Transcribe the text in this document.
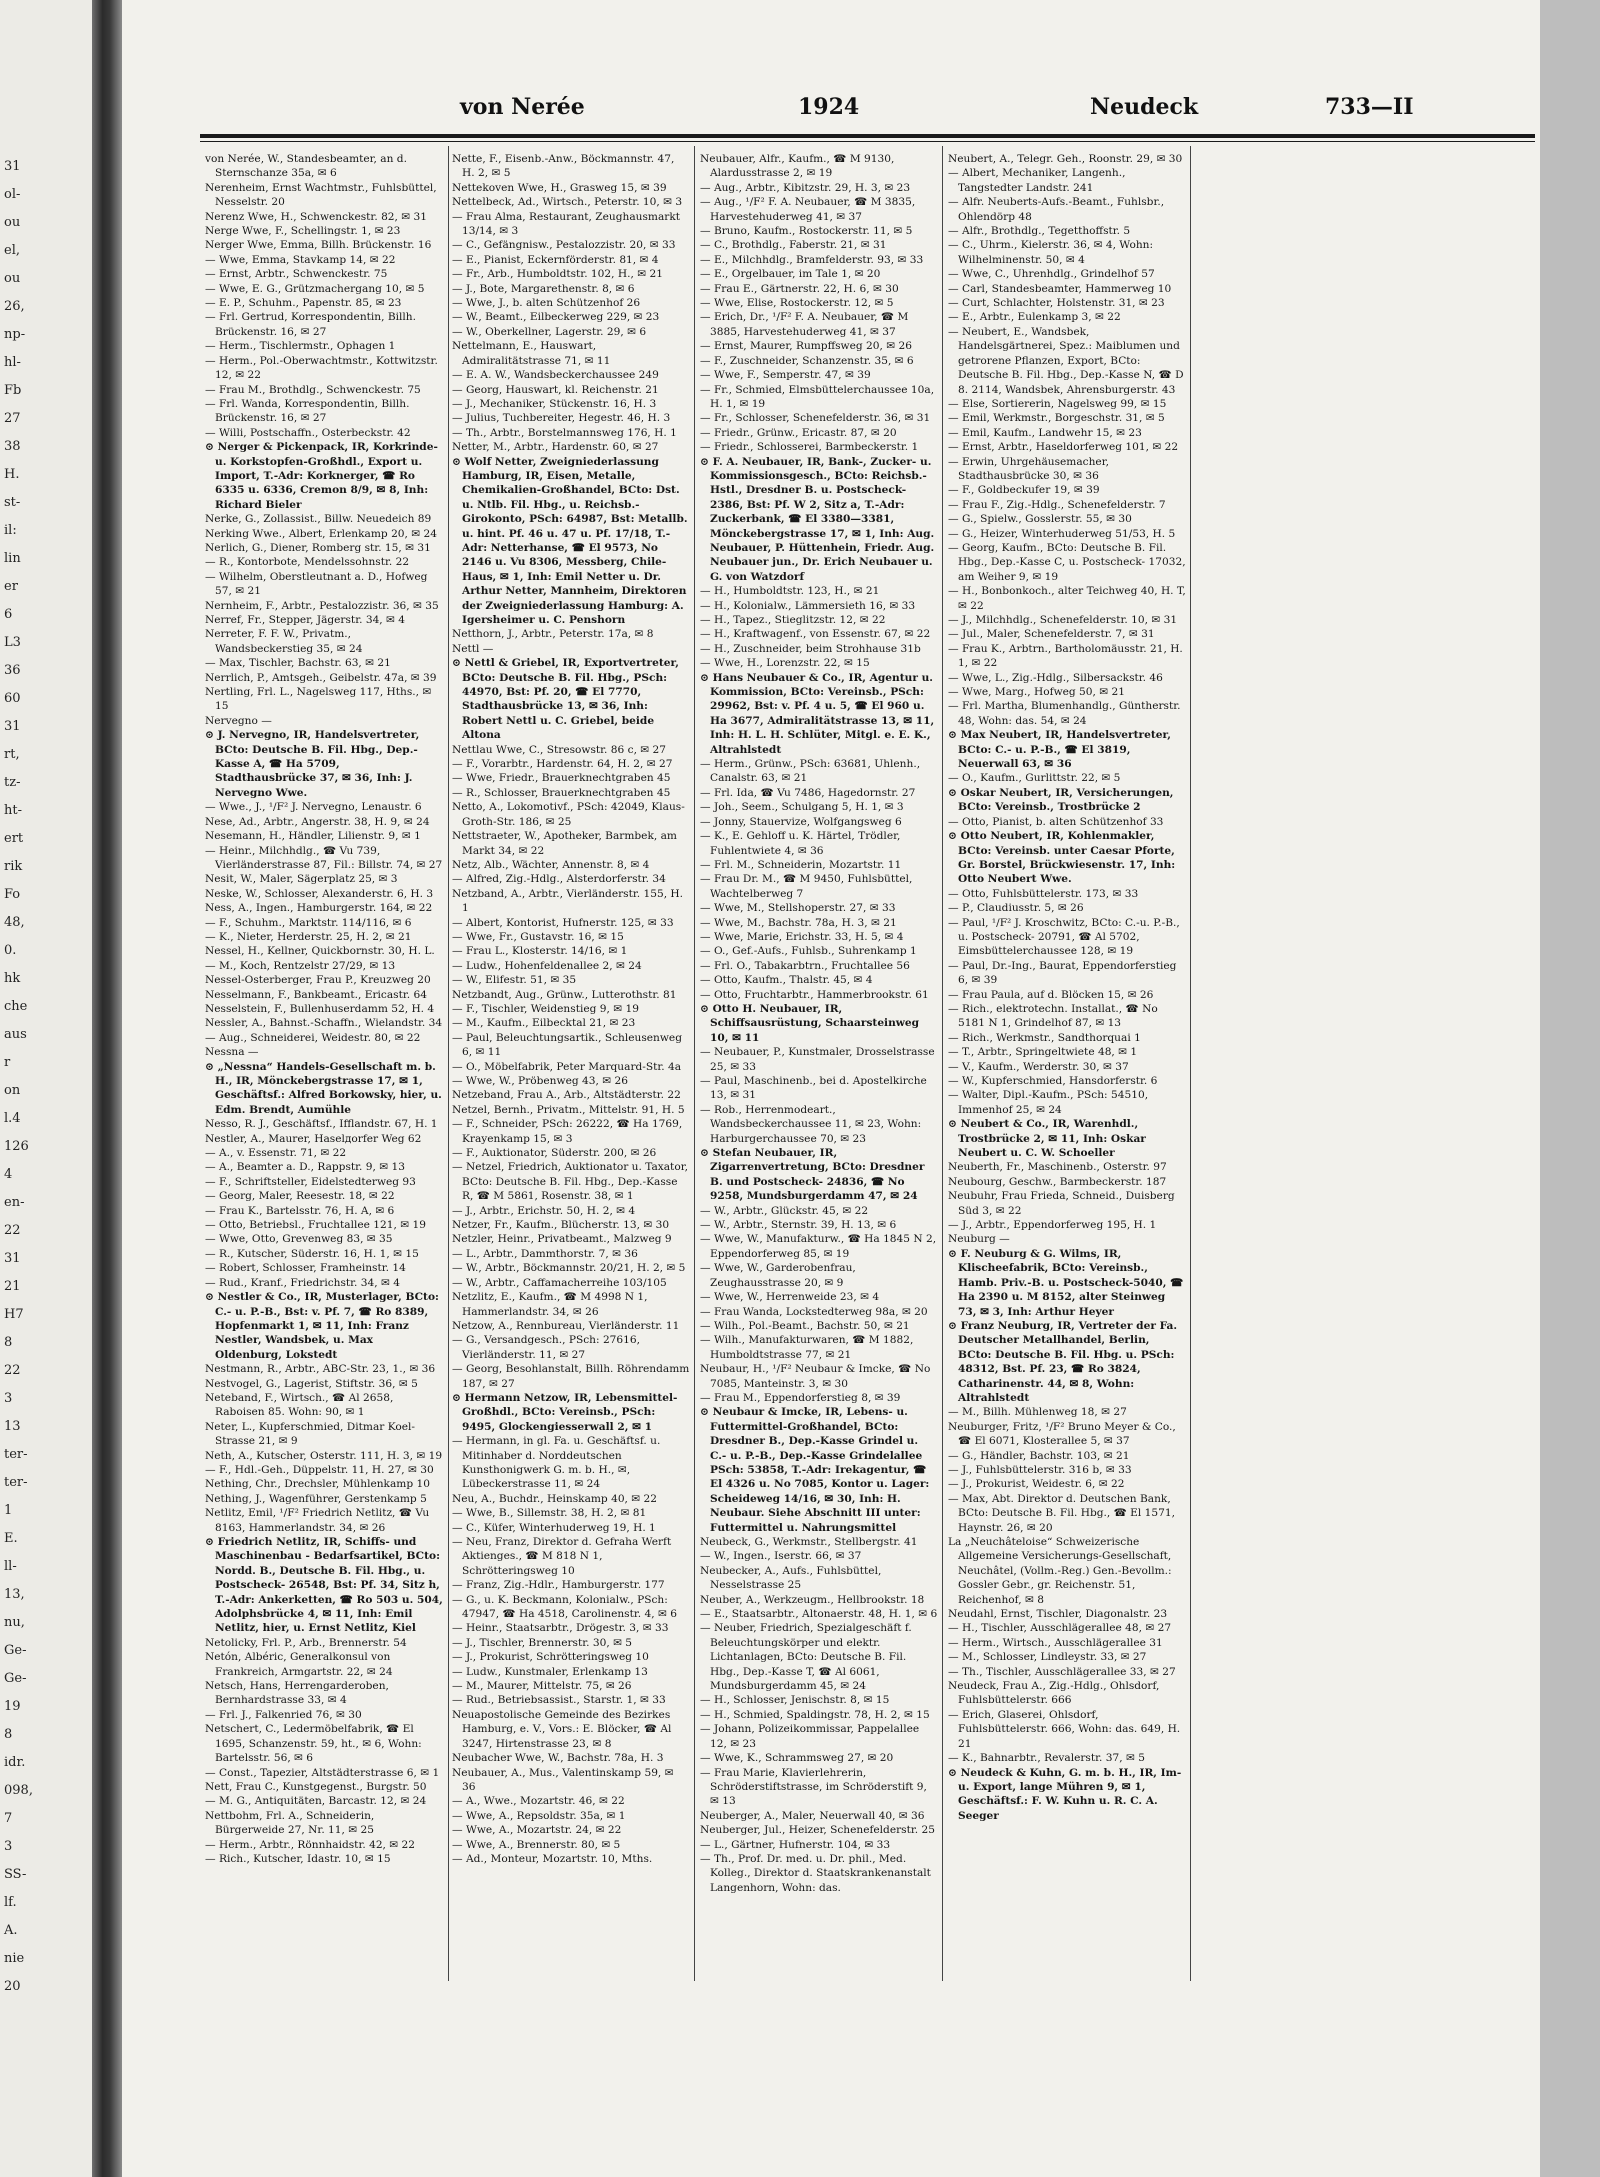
31
ol-
ou
el,
ou
26,
np-
hl-
Fb
27
38
H.
st-
il:
lin
er
6
L3
36
60
31
rt,
tz-
ht-
ert
rik
Fo
48,
0.
hk
che
aus
r
on
l.4
126
4
en-
22
31
21
H7
8
22
3
13
ter-
ter-
1
E.
ll-
13,
nu,
Ge-
Ge-
19
8
idr.
098,
7
3
SS-
lf.
A.
nie
20
von Nerée	1924	Neudeck	733—II

von Nerée, W., Standesbeamter, an d. Sternschanze 35a, ✉ 6

Nerenheim, Ernst Wachtmstr., Fuhlsbüttel, Nesselstr. 20

Nerenz Wwe, H., Schwenckestr. 82, ✉ 31

Nerge Wwe, F., Schellingstr. 1, ✉ 23

Nerger Wwe, Emma, Billh. Brückenstr. 16

— Wwe, Emma, Stavkamp 14, ✉ 22

— Ernst, Arbtr., Schwenckestr. 75

— Wwe, E. G., Grützmachergang 10, ✉ 5

— E. P., Schuhm., Papenstr. 85, ✉ 23

— Frl. Gertrud, Korrespondentin, Billh. Brückenstr. 16, ✉ 27

— Herm., Tischlermstr., Ophagen 1

— Herm., Pol.-Oberwachtmstr., Kottwitzstr. 12, ✉ 22

— Frau M., Brothdlg., Schwenckestr. 75

— Frl. Wanda, Korrespondentin, Billh. Brückenstr. 16, ✉ 27

— Willi, Postschaffn., Osterbeckstr. 42

⊙ Nerger & Pickenpack, IR, Korkrinde- u. Korkstopfen-Großhdl., Export u. Import, T.-Adr: Korknerger, ☎ Ro 6335 u. 6336, Cremon 8/9, ✉ 8, Inh: Richard Bieler

Nerke, G., Zollassist., Billw. Neuedeich 89

Nerking Wwe., Albert, Erlenkamp 20, ✉ 24

Nerlich, G., Diener, Romberg str. 15, ✉ 31

— R., Kontorbote, Mendelssohnstr. 22

— Wilhelm, Oberstleutnant a. D., Hofweg 57, ✉ 21

Nernheim, F., Arbtr., Pestalozzistr. 36, ✉ 35

Nerref, Fr., Stepper, Jägerstr. 34, ✉ 4

Nerreter, F. F. W., Privatm., Wandsbeckerstieg 35, ✉ 24

— Max, Tischler, Bachstr. 63, ✉ 21

Nerrlich, P., Amtsgeh., Geibelstr. 47a, ✉ 39

Nertling, Frl. L., Nagelsweg 117, Hths., ✉ 15

Nervegno —

⊙ J. Nervegno, IR, Handelsvertreter, BCto: Deutsche B. Fil. Hbg., Dep.-Kasse A, ☎ Ha 5709, Stadthausbrücke 37, ✉ 36, Inh: J. Nervegno Wwe.

— Wwe., J., ¹/F² J. Nervegno, Lenaustr. 6

Nese, Ad., Arbtr., Angerstr. 38, H. 9, ✉ 24

Nesemann, H., Händler, Lilienstr. 9, ✉ 1

— Heinr., Milchhdlg., ☎ Vu 739, Vierländerstrasse 87, Fil.: Billstr. 74, ✉ 27

Nesit, W., Maler, Sägerplatz 25, ✉ 3

Neske, W., Schlosser, Alexanderstr. 6, H. 3

Ness, A., Ingen., Hamburgerstr. 164, ✉ 22

— F., Schuhm., Marktstr. 114/116, ✉ 6

— K., Nieter, Herderstr. 25, H. 2, ✉ 21

Nessel, H., Kellner, Quickbornstr. 30, H. L.

— M., Koch, Rentzelstr 27/29, ✉ 13

Nessel-Osterberger, Frau P., Kreuzweg 20

Nesselmann, F., Bankbeamt., Ericastr. 64

Nesselstein, F., Bullenhuserdamm 52, H. 4

Nessler, A., Bahnst.-Schaffn., Wielandstr. 34

— Aug., Schneiderei, Weidestr. 80, ✉ 22

Nessna —

⊙ „Nessna“ Handels-Gesellschaft m. b. H., IR, Mönckebergstrasse 17, ✉ 1, Geschäftsf.: Alfred Borkowsky, hier, u. Edm. Brendt, Aumühle

Nesso, R. J., Geschäftsf., Ifflandstr. 67, H. 1

Nestler, A., Maurer, Haselдorfer Weg 62

— A., v. Essenstr. 71, ✉ 22

— A., Beamter a. D., Rappstr. 9, ✉ 13

— F., Schriftsteller, Eidelstedterweg 93

— Georg, Maler, Reesestr. 18, ✉ 22

— Frau K., Bartelsstr. 76, H. A, ✉ 6

— Otto, Betriebsl., Fruchtallee 121, ✉ 19

— Wwe, Otto, Grevenweg 83, ✉ 35

— R., Kutscher, Süderstr. 16, H. 1, ✉ 15

— Robert, Schlosser, Framheinstr. 14

— Rud., Kranf., Friedrichstr. 34, ✉ 4

⊙ Nestler & Co., IR, Musterlager, BCto: C.- u. P.-B., Bst: v. Pf. 7, ☎ Ro 8389, Hopfenmarkt 1, ✉ 11, Inh: Franz Nestler, Wandsbek, u. Max Oldenburg, Lokstedt

Nestmann, R., Arbtr., ABC-Str. 23, 1., ✉ 36

Nestvogel, G., Lagerist, Stiftstr. 36, ✉ 5

Neteband, F., Wirtsch., ☎ Al 2658, Raboisen 85. Wohn: 90, ✉ 1

Neter, L., Kupferschmied, Ditmar Koel-Strasse 21, ✉ 9

Neth, A., Kutscher, Osterstr. 111, H. 3, ✉ 19

— F., Hdl.-Geh., Düppelstr. 11, H. 27, ✉ 30

Nething, Chr., Drechsler, Mühlenkamp 10

Nething, J., Wagenführer, Gerstenkamp 5

Netlitz, Emil, ¹/F² Friedrich Netlitz, ☎ Vu 8163, Hammerlandstr. 34, ✉ 26

⊙ Friedrich Netlitz, IR, Schiffs- und Maschinenbau - Bedarfsartikel, BCto: Nordd. B., Deutsche B. Fil. Hbg., u. Postscheck- 26548, Bst: Pf. 34, Sitz h, T.-Adr: Ankerketten, ☎ Ro 503 u. 504, Adolphsbrücke 4, ✉ 11, Inh: Emil Netlitz, hier, u. Ernst Netlitz, Kiel

Netolicky, Frl. P., Arb., Brennerstr. 54

Netón, Albéric, Generalkonsul von Frankreich, Armgartstr. 22, ✉ 24

Netsch, Hans, Herrengarderoben, Bernhardstrasse 33, ✉ 4

— Frl. J., Falkenried 76, ✉ 30

Netschert, C., Ledermöbelfabrik, ☎ El 1695, Schanzenstr. 59, ht., ✉ 6, Wohn: Bartelsstr. 56, ✉ 6

— Const., Tapezier, Altstädterstrasse 6, ✉ 1

Nett, Frau C., Kunstgegenst., Burgstr. 50

— M. G., Antiquitäten, Barcastr. 12, ✉ 24

Nettbohm, Frl. A., Schneiderin, Bürgerweide 27, Nr. 11, ✉ 25

— Herm., Arbtr., Rönnhaidstr. 42, ✉ 22

— Rich., Kutscher, Idastr. 10, ✉ 15

Nette, F., Eisenb.-Anw., Böckmannstr. 47, H. 2, ✉ 5

Nettekoven Wwe, H., Grasweg 15, ✉ 39

Nettelbeck, Ad., Wirtsch., Peterstr. 10, ✉ 3

— Frau Alma, Restaurant, Zeughausmarkt 13/14, ✉ 3

— C., Gefängnisw., Pestalozzistr. 20, ✉ 33

— E., Pianist, Eckernförderstr. 81, ✉ 4

— Fr., Arb., Humboldtstr. 102, H., ✉ 21

— J., Bote, Margarethenstr. 8, ✉ 6

— Wwe, J., b. alten Schützenhof 26

— W., Beamt., Eilbeckerweg 229, ✉ 23

— W., Oberkellner, Lagerstr. 29, ✉ 6

Nettelmann, E., Hauswart, Admiralitätstrasse 71, ✉ 11

— E. A. W., Wandsbeckerchaussee 249

— Georg, Hauswart, kl. Reichenstr. 21

— J., Mechaniker, Stückenstr. 16, H. 3

— Julius, Tuchbereiter, Hegestr. 46, H. 3

— Th., Arbtr., Borstelmannsweg 176, H. 1

Netter, M., Arbtr., Hardenstr. 60, ✉ 27

⊙ Wolf Netter, Zweigniederlassung Hamburg, IR, Eisen, Metalle, Chemikalien-Großhandel, BCto: Dst. u. Ntlb. Fil. Hbg., u. Reichsb.-Girokonto, PSch: 64987, Bst: Metallb. u. hint. Pf. 46 u. 47 u. Pf. 17/18, T.-Adr: Netterhanse, ☎ El 9573, No 2146 u. Vu 8306, Messberg, Chile-Haus, ✉ 1, Inh: Emil Netter u. Dr. Arthur Netter, Mannheim, Direktoren der Zweigniederlassung Hamburg: A. Igersheimer u. C. Penshorn

Netthorn, J., Arbtr., Peterstr. 17a, ✉ 8

Nettl —

⊙ Nettl & Griebel, IR, Exportvertreter, BCto: Deutsche B. Fil. Hbg., PSch: 44970, Bst: Pf. 20, ☎ El 7770, Stadthausbrücke 13, ✉ 36, Inh: Robert Nettl u. C. Griebel, beide Altona

Nettlau Wwe, C., Stresowstr. 86 c, ✉ 27

— F., Vorarbtr., Hardenstr. 64, H. 2, ✉ 27

— Wwe, Friedr., Brauerknechtgraben 45

— R., Schlosser, Brauerknechtgraben 45

Netto, A., Lokomotivf., PSch: 42049, Klaus-Groth-Str. 186, ✉ 25

Nettstraeter, W., Apotheker, Barmbek, am Markt 34, ✉ 22

Netz, Alb., Wächter, Annenstr. 8, ✉ 4

— Alfred, Zig.-Hdlg., Alsterdorferstr. 34

Netzband, A., Arbtr., Vierländerstr. 155, H. 1

— Albert, Kontorist, Hufnerstr. 125, ✉ 33

— Wwe, Fr., Gustavstr. 16, ✉ 15

— Frau L., Klosterstr. 14/16, ✉ 1

— Ludw., Hohenfeldenallee 2, ✉ 24

— W., Elifestr. 51, ✉ 35

Netzbandt, Aug., Grünw., Lutterothstr. 81

— F., Tischler, Weidenstieg 9, ✉ 19

— M., Kaufm., Eilbecktal 21, ✉ 23

— Paul, Beleuchtungsartik., Schleusenweg 6, ✉ 11

— O., Möbelfabrik, Peter Marquard-Str. 4a

— Wwe, W., Pröbenweg 43, ✉ 26

Netzeband, Frau A., Arb., Altstädterstr. 22

Netzel, Bernh., Privatm., Mittelstr. 91, H. 5

— F., Schneider, PSch: 26222, ☎ Ha 1769, Krayenkamp 15, ✉ 3

— F., Auktionator, Süderstr. 200, ✉ 26

— Netzel, Friedrich, Auktionator u. Taxator, BCto: Deutsche B. Fil. Hbg., Dep.-Kasse R, ☎ M 5861, Rosenstr. 38, ✉ 1

— J., Arbtr., Erichstr. 50, H. 2, ✉ 4

Netzer, Fr., Kaufm., Blücherstr. 13, ✉ 30

Netzler, Heinr., Privatbeamt., Malzweg 9

— L., Arbtr., Dammthorstr. 7, ✉ 36

— W., Arbtr., Böckmannstr. 20/21, H. 2, ✉ 5

— W., Arbtr., Caffamacherreihe 103/105

Netzlitz, E., Kaufm., ☎ M 4998 N 1, Hammerlandstr. 34, ✉ 26

Netzow, A., Rennbureau, Vierländerstr. 11

— G., Versandgesch., PSch: 27616, Vierländerstr. 11, ✉ 27

— Georg, Besohlanstalt, Billh. Röhrendamm 187, ✉ 27

⊙ Hermann Netzow, IR, Lebensmittel-Großhdl., BCto: Vereinsb., PSch: 9495, Glockengiesserwall 2, ✉ 1

— Hermann, in gl. Fa. u. Geschäftsf. u. Mitinhaber d. Norddeutschen Kunsthonigwerk G. m. b. H., ✉, Lübeckerstrasse 11, ✉ 24

Neu, A., Buchdr., Heinskamp 40, ✉ 22

— Wwe, B., Sillemstr. 38, H. 2, ✉ 81

— C., Küfer, Winterhuderweg 19, H. 1

— Neu, Franz, Direktor d. Gefraha Werft Aktienges., ☎ M 818 N 1, Schrötteringsweg 10

— Franz, Zig.-Hdlr., Hamburgerstr. 177

— G., u. K. Beckmann, Kolonialw., PSch: 47947, ☎ Ha 4518, Carolinenstr. 4, ✉ 6

— Heinr., Staatsarbtr., Drögestr. 3, ✉ 33

— J., Tischler, Brennerstr. 30, ✉ 5

— J., Prokurist, Schrötteringsweg 10

— Ludw., Kunstmaler, Erlenkamp 13

— M., Maurer, Mittelstr. 75, ✉ 26

— Rud., Betriebsassist., Starstr. 1, ✉ 33

Neuapostolische Gemeinde des Bezirkes Hamburg, e. V., Vors.: E. Blöcker, ☎ Al 3247, Hirtenstrasse 23, ✉ 8

Neubacher Wwe, W., Bachstr. 78a, H. 3

Neubauer, A., Mus., Valentinskamp 59, ✉ 36

— A., Wwe., Mozartstr. 46, ✉ 22

— Wwe, A., Repsoldstr. 35a, ✉ 1

— Wwe, A., Mozartstr. 24, ✉ 22

— Wwe, A., Brennerstr. 80, ✉ 5

— Ad., Monteur, Mozartstr. 10, Mths.

Neubauer, Alfr., Kaufm., ☎ M 9130, Alardusstrasse 2, ✉ 19

— Aug., Arbtr., Kibitzstr. 29, H. 3, ✉ 23

— Aug., ¹/F² F. A. Neubauer, ☎ M 3835, Harvestehuderweg 41, ✉ 37

— Bruno, Kaufm., Rostockerstr. 11, ✉ 5

— C., Brothdlg., Faberstr. 21, ✉ 31

— E., Milchhdlg., Bramfelderstr. 93, ✉ 33

— E., Orgelbauer, im Tale 1, ✉ 20

— Frau E., Gärtnerstr. 22, H. 6, ✉ 30

— Wwe, Elise, Rostockerstr. 12, ✉ 5

— Erich, Dr., ¹/F² F. A. Neubauer, ☎ M 3885, Harvestehuderweg 41, ✉ 37

— Ernst, Maurer, Rumpffsweg 20, ✉ 26

— F., Zuschneider, Schanzenstr. 35, ✉ 6

— Wwe, F., Semperstr. 47, ✉ 39

— Fr., Schmied, Elmsbüttelerchaussee 10a, H. 1, ✉ 19

— Fr., Schlosser, Schenefelderstr. 36, ✉ 31

— Friedr., Grünw., Ericastr. 87, ✉ 20

— Friedr., Schlosserei, Barmbeckerstr. 1

⊙ F. A. Neubauer, IR, Bank-, Zucker- u. Kommissionsgesch., BCto: Reichsb.-Hstl., Dresdner B. u. Postscheck-2386, Bst: Pf. W 2, Sitz a, T.-Adr: Zuckerbank, ☎ El 3380—3381, Mönckebergstrasse 17, ✉ 1, Inh: Aug. Neubauer, P. Hüttenhein, Friedr. Aug. Neubauer jun., Dr. Erich Neubauer u. G. von Watzdorf

— H., Humboldtstr. 123, H., ✉ 21

— H., Kolonialw., Lämmersieth 16, ✉ 33

— H., Tapez., Stieglitzstr. 12, ✉ 22

— H., Kraftwagenf., von Essenstr. 67, ✉ 22

— H., Zuschneider, beim Strohhause 31b

— Wwe, H., Lorenzstr. 22, ✉ 15

⊙ Hans Neubauer & Co., IR, Agentur u. Kommission, BCto: Vereinsb., PSch: 29962, Bst: v. Pf. 4 u. 5, ☎ El 960 u. Ha 3677, Admiralitätstrasse 13, ✉ 11, Inh: H. L. H. Schlüter, Mitgl. e. E. K., Altrahlstedt

— Herm., Grünw., PSch: 63681, Uhlenh., Canalstr. 63, ✉ 21

— Frl. Ida, ☎ Vu 7486, Hagedornstr. 27

— Joh., Seem., Schulgang 5, H. 1, ✉ 3

— Jonny, Stauervize, Wolfgangsweg 6

— K., E. Gehloff u. K. Härtel, Trödler, Fuhlentwiete 4, ✉ 36

— Frl. M., Schneiderin, Mozartstr. 11

— Frau Dr. M., ☎ M 9450, Fuhlsbüttel, Wachtelberweg 7

— Wwe, M., Stellshoperstr. 27, ✉ 33

— Wwe, M., Bachstr. 78a, H. 3, ✉ 21

— Wwe, Marie, Erichstr. 33, H. 5, ✉ 4

— O., Gef.-Aufs., Fuhlsb., Suhrenkamp 1

— Frl. O., Tabakarbtrn., Fruchtallee 56

— Otto, Kaufm., Thalstr. 45, ✉ 4

— Otto, Fruchtarbtr., Hammerbrookstr. 61

⊙ Otto H. Neubauer, IR, Schiffsausrüstung, Schaarsteinweg 10, ✉ 11

— Neubauer, P., Kunstmaler, Drosselstrasse 25, ✉ 33

— Paul, Maschinenb., bei d. Apostelkirche 13, ✉ 31

— Rob., Herrenmodeart., Wandsbeckerchaussee 11, ✉ 23, Wohn: Harburgerchaussee 70, ✉ 23

⊙ Stefan Neubauer, IR, Zigarrenvertretung, BCto: Dresdner B. und Postscheck- 24836, ☎ No 9258, Mundsburgerdamm 47, ✉ 24

— W., Arbtr., Glückstr. 45, ✉ 22

— W., Arbtr., Sternstr. 39, H. 13, ✉ 6

— Wwe, W., Manufakturw., ☎ Ha 1845 N 2, Eppendorferweg 85, ✉ 19

— Wwe, W., Garderobenfrau, Zeughausstrasse 20, ✉ 9

— Wwe, W., Herrenweide 23, ✉ 4

— Frau Wanda, Lockstedterweg 98a, ✉ 20

— Wilh., Pol.-Beamt., Bachstr. 50, ✉ 21

— Wilh., Manufakturwaren, ☎ M 1882, Humboldtstrasse 77, ✉ 21

Neubaur, H., ¹/F² Neubaur & Imcke, ☎ No 7085, Manteinstr. 3, ✉ 30

— Frau M., Eppendorferstieg 8, ✉ 39

⊙ Neubaur & Imcke, IR, Lebens- u. Futtermittel-Großhandel, BCto: Dresdner B., Dep.-Kasse Grindel u. C.- u. P.-B., Dep.-Kasse Grindelallee PSch: 53858, T.-Adr: Irekagentur, ☎ El 4326 u. No 7085, Kontor u. Lager: Scheideweg 14/16, ✉ 30, Inh: H. Neubaur. Siehe Abschnitt III unter: Futtermittel u. Nahrungsmittel

Neubeck, G., Werkmstr., Stellbergstr. 41

— W., Ingen., Iserstr. 66, ✉ 37

Neubecker, A., Aufs., Fuhlsbüttel, Nesselstrasse 25

Neuber, A., Werkzeugm., Hellbrookstr. 18

— E., Staatsarbtr., Altonaerstr. 48, H. 1, ✉ 6

— Neuber, Friedrich, Spezialgeschäft f. Beleuchtungskörper und elektr. Lichtanlagen, BCto: Deutsche B. Fil. Hbg., Dep.-Kasse T, ☎ Al 6061, Mundsburgerdamm 45, ✉ 24

— H., Schlosser, Jenischstr. 8, ✉ 15

— H., Schmied, Spaldingstr. 78, H. 2, ✉ 15

— Johann, Polizeikommissar, Pappelallee 12, ✉ 23

— Wwe, K., Schrammsweg 27, ✉ 20

— Frau Marie, Klavierlehrerin, Schröderstiftstrasse, im Schröderstift 9, ✉ 13

Neuberger, A., Maler, Neuerwall 40, ✉ 36

Neuberger, Jul., Heizer, Schenefelderstr. 25

— L., Gärtner, Hufnerstr. 104, ✉ 33

— Th., Prof. Dr. med. u. Dr. phil., Med. Kolleg., Direktor d. Staatskrankenanstalt Langenhorn, Wohn: das.

Neubert, A., Telegr. Geh., Roonstr. 29, ✉ 30

— Albert, Mechaniker, Langenh., Tangstedter Landstr. 241

— Alfr. Neuberts-Aufs.-Beamt., Fuhlsbr., Ohlendörp 48

— Alfr., Brothdlg., Tegetthoffstr. 5

— C., Uhrm., Kielerstr. 36, ✉ 4, Wohn: Wilhelminenstr. 50, ✉ 4

— Wwe, C., Uhrenhdlg., Grindelhof 57

— Carl, Standesbeamter, Hammerweg 10

— Curt, Schlachter, Holstenstr. 31, ✉ 23

— E., Arbtr., Eulenkamp 3, ✉ 22

— Neubert, E., Wandsbek, Handelsgärtnerei, Spez.: Maiblumen und getrorene Pflanzen, Export, BCto: Deutsche B. Fil. Hbg., Dep.-Kasse N, ☎ D 8. 2114, Wandsbek, Ahrensburgerstr. 43

— Else, Sortiererin, Nagelsweg 99, ✉ 15

— Emil, Werkmstr., Borgeschstr. 31, ✉ 5

— Emil, Kaufm., Landwehr 15, ✉ 23

— Ernst, Arbtr., Haseldorferweg 101, ✉ 22

— Erwin, Uhrgehäusemacher, Stadthausbrücke 30, ✉ 36

— F., Goldbeckufer 19, ✉ 39

— Frau F., Zig.-Hdlg., Schenefelderstr. 7

— G., Spielw., Gosslerstr. 55, ✉ 30

— G., Heizer, Winterhuderweg 51/53, H. 5

— Georg, Kaufm., BCto: Deutsche B. Fil. Hbg., Dep.-Kasse C, u. Postscheck- 17032, am Weiher 9, ✉ 19

— H., Bonbonkoch., alter Teichweg 40, H. T, ✉ 22

— J., Milchhdlg., Schenefelderstr. 10, ✉ 31

— Jul., Maler, Schenefelderstr. 7, ✉ 31

— Frau K., Arbtrn., Bartholomäusstr. 21, H. 1, ✉ 22

— Wwe, L., Zig.-Hdlg., Silbersackstr. 46

— Wwe, Marg., Hofweg 50, ✉ 21

— Frl. Martha, Blumenhandlg., Güntherstr. 48, Wohn: das. 54, ✉ 24

⊙ Max Neubert, IR, Handelsvertreter, BCto: C.- u. P.-B., ☎ El 3819, Neuerwall 63, ✉ 36

— O., Kaufm., Gurlittstr. 22, ✉ 5

⊙ Oskar Neubert, IR, Versicherungen, BCto: Vereinsb., Trostbrücke 2

— Otto, Pianist, b. alten Schützenhof 33

⊙ Otto Neubert, IR, Kohlenmakler, BCto: Vereinsb. unter Caesar Pforte, Gr. Borstel, Brückwiesenstr. 17, Inh: Otto Neubert Wwe.

— Otto, Fuhlsbüttelerstr. 173, ✉ 33

— P., Claudiusstr. 5, ✉ 26

— Paul, ¹/F² J. Kroschwitz, BCto: C.-u. P.-B., u. Postscheck- 20791, ☎ Al 5702, Eimsbüttelerchaussee 128, ✉ 19

— Paul, Dr.-Ing., Baurat, Eppendorferstieg 6, ✉ 39

— Frau Paula, auf d. Blöcken 15, ✉ 26

— Rich., elektrotechn. Installat., ☎ No 5181 N 1, Grindelhof 87, ✉ 13

— Rich., Werkmstr., Sandthorquai 1

— T., Arbtr., Springeltwiete 48, ✉ 1

— V., Kaufm., Werderstr. 30, ✉ 37

— W., Kupferschmied, Hansdorferstr. 6

— Walter, Dipl.-Kaufm., PSch: 54510, Immenhof 25, ✉ 24

⊙ Neubert & Co., IR, Warenhdl., Trostbrücke 2, ✉ 11, Inh: Oskar Neubert u. C. W. Schoeller

Neuberth, Fr., Maschinenb., Osterstr. 97

Neubourg, Geschw., Barmbeckerstr. 187

Neubuhr, Frau Frieda, Schneid., Duisberg Süd 3, ✉ 22

— J., Arbtr., Eppendorferweg 195, H. 1

Neuburg —

⊙ F. Neuburg & G. Wilms, IR, Klischeefabrik, BCto: Vereinsb., Hamb. Priv.-B. u. Postscheck-5040, ☎ Ha 2390 u. M 8152, alter Steinweg 73, ✉ 3, Inh: Arthur Heyer

⊙ Franz Neuburg, IR, Vertreter der Fa. Deutscher Metallhandel, Berlin, BCto: Deutsche B. Fil. Hbg. u. PSch: 48312, Bst. Pf. 23, ☎ Ro 3824, Catharinenstr. 44, ✉ 8, Wohn: Altrahlstedt

— M., Billh. Mühlenweg 18, ✉ 27

Neuburger, Fritz, ¹/F² Bruno Meyer & Co., ☎ El 6071, Klosterallee 5, ✉ 37

— G., Händler, Bachstr. 103, ✉ 21

— J., Fuhlsbüttelerstr. 316 b, ✉ 33

— J., Prokurist, Weidestr. 6, ✉ 22

— Max, Abt. Direktor d. Deutschen Bank, BCto: Deutsche B. Fil. Hbg., ☎ El 1571, Haynstr. 26, ✉ 20

La „Neuchâteloise“ Schweizerische Allgemeine Versicherungs-Gesellschaft, Neuchâtel, (Vollm.-Reg.) Gen.-Bevollm.: Gossler Gebr., gr. Reichenstr. 51, Reichenhof, ✉ 8

Neudahl, Ernst, Tischler, Diagonalstr. 23

— H., Tischler, Ausschlägerallee 48, ✉ 27

— Herm., Wirtsch., Ausschlägerallee 31

— M., Schlosser, Lindleystr. 33, ✉ 27

— Th., Tischler, Ausschlägerallee 33, ✉ 27

Neudeck, Frau A., Zig.-Hdlg., Ohlsdorf, Fuhlsbüttelerstr. 666

— Erich, Glaserei, Ohlsdorf, Fuhlsbüttelerstr. 666, Wohn: das. 649, H. 21

— K., Bahnarbtr., Revalerstr. 37, ✉ 5

⊙ Neudeck & Kuhn, G. m. b. H., IR, Im- u. Export, lange Mühren 9, ✉ 1, Geschäftsf.: F. W. Kuhn u. R. C. A. Seeger
